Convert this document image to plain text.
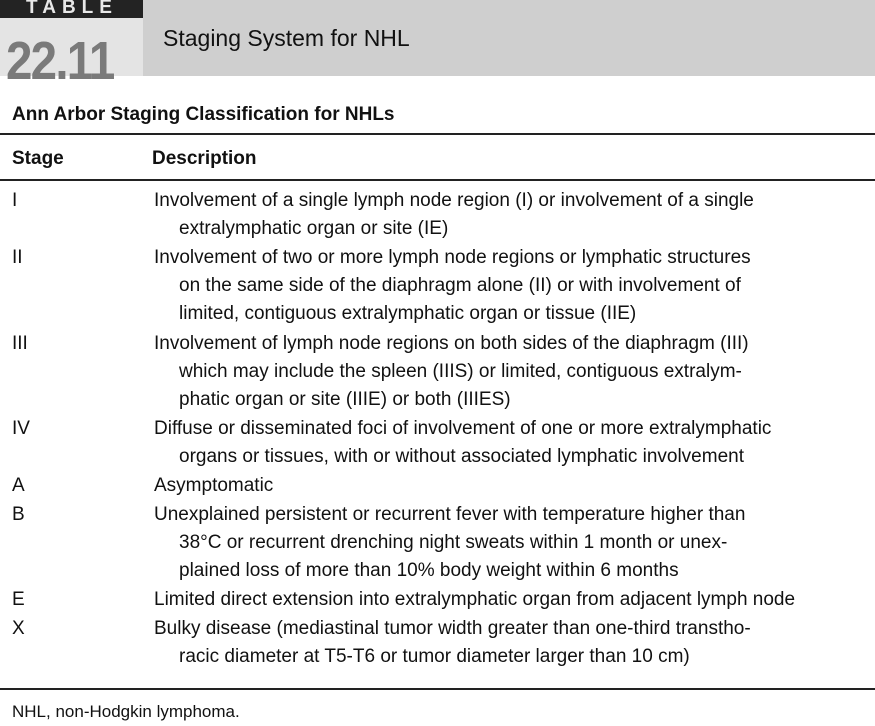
TABLE
22.11 Staging System for NHL
Ann Arbor Staging Classification for NHLs
Stage	Description
I	Involvement of a single lymph node region (I) or involvement of a single
extralymphatic organ or site (IE)
II	Involvement of two or more lymph node regions or lymphatic structures
on the same side of the diaphragm alone (II) or with involvement of
limited, contiguous extralymphatic organ or tissue (IIE)
III	Involvement of lymph node regions on both sides of the diaphragm (III)
which may include the spleen (IIIS) or limited, contiguous extralym-
phatic organ or site (IIIE) or both (IIIES)
IV	Diffuse or disseminated foci of involvement of one or more extralymphatic
organs or tissues, with or without associated lymphatic involvement
A	Asymptomatic
B	Unexplained persistent or recurrent fever with temperature higher than
38°C or recurrent drenching night sweats within 1 month or unex-
plained loss of more than 10% body weight within 6 months
E	Limited direct extension into extralymphatic organ from adjacent lymph node
X	Bulky disease (mediastinal tumor width greater than one-third transtho-
racic diameter at T5-T6 or tumor diameter larger than 10 cm)
NHL, non-Hodgkin lymphoma.
